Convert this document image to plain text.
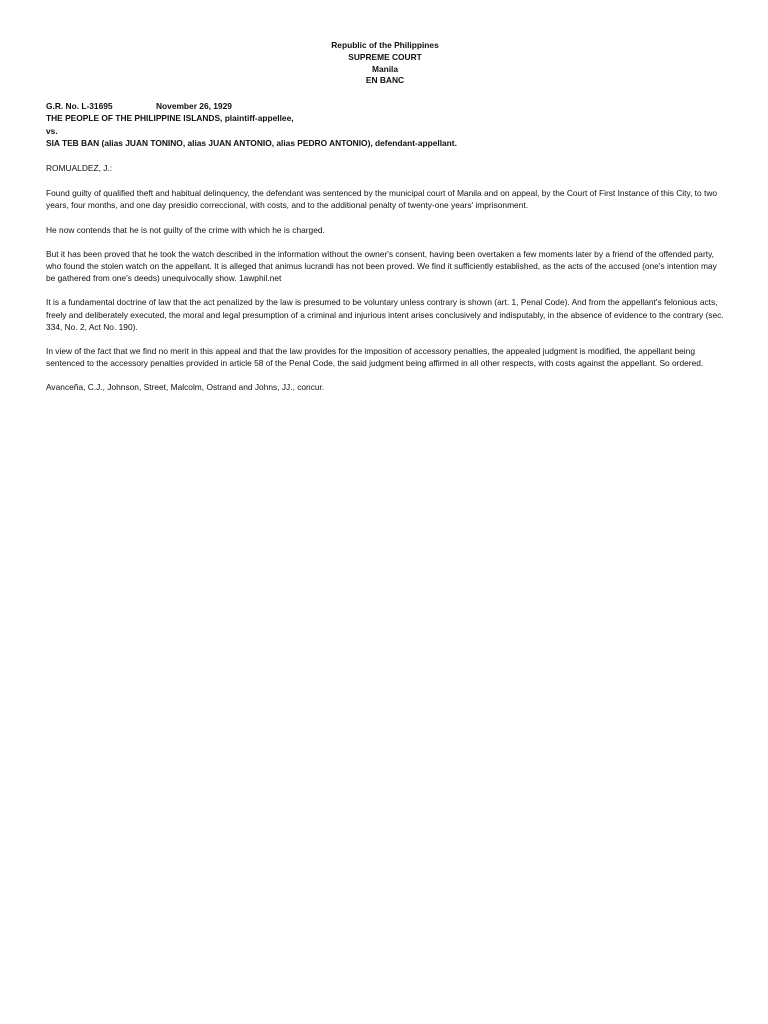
Republic of the Philippines
SUPREME COURT
Manila
EN BANC
G.R. No. L-31695	November 26, 1929
THE PEOPLE OF THE PHILIPPINE ISLANDS, plaintiff-appellee,
vs.
SIA TEB BAN (alias JUAN TONINO, alias JUAN ANTONIO, alias PEDRO ANTONIO), defendant-appellant.
ROMUALDEZ, J.:

Found guilty of qualified theft and habitual delinquency, the defendant was sentenced by the municipal court of Manila and on appeal, by the Court of First Instance of this City, to two years, four months, and one day presidio correccional, with costs, and to the additional penalty of twenty-one years' imprisonment.

He now contends that he is not guilty of the crime with which he is charged.

But it has been proved that he took the watch described in the information without the owner's consent, having been overtaken a few moments later by a friend of the offended party, who found the stolen watch on the appellant. It is alleged that animus lucrandi has not been proved. We find it sufficiently established, as the acts of the accused (one's intention may be gathered from one's deeds) unequivocally show. 1awphil.net

It is a fundamental doctrine of law that the act penalized by the law is presumed to be voluntary unless contrary is shown (art. 1, Penal Code). And from the appellant's felonious acts, freely and deliberately executed, the moral and legal presumption of a criminal and injurious intent arises conclusively and indisputably, in the absence of evidence to the contrary (sec. 334, No. 2, Act No. 190).

In view of the fact that we find no merit in this appeal and that the law provides for the imposition of accessory penalties, the appealed judgment is modified, the appellant being sentenced to the accessory penalties provided in article 58 of the Penal Code, the said judgment being affirmed in all other respects, with costs against the appellant. So ordered.

Avanceña, C.J., Johnson, Street, Malcolm, Ostrand and Johns, JJ., concur.
